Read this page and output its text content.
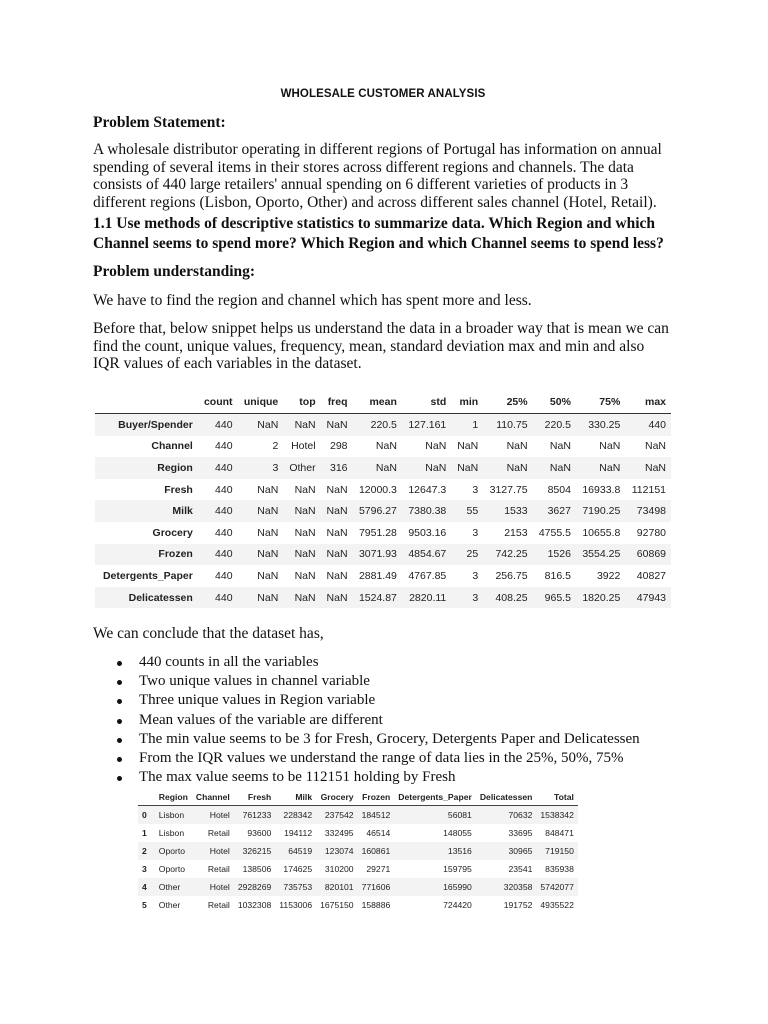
WHOLESALE CUSTOMER ANALYSIS
Problem Statement:
A wholesale distributor operating in different regions of Portugal has information on annual spending of several items in their stores across different regions and channels. The data consists of 440 large retailers' annual spending on 6 different varieties of products in 3 different regions (Lisbon, Oporto, Other) and across different sales channel (Hotel, Retail).
1.1 Use methods of descriptive statistics to summarize data. Which Region and which Channel seems to spend more? Which Region and which Channel seems to spend less?
Problem understanding:
We have to find the region and channel which has spent more and less.
Before that, below snippet helps us understand the data in a broader way that is mean we can find the count, unique values, frequency, mean, standard deviation max and min and also IQR values of each variables in the dataset.
	count	unique	top	freq	mean	std	min	25%	50%	75%	max
Buyer/Spender	440	NaN	NaN	NaN	220.5	127.161	1	110.75	220.5	330.25	440
Channel	440	2	Hotel	298	NaN	NaN	NaN	NaN	NaN	NaN	NaN
Region	440	3	Other	316	NaN	NaN	NaN	NaN	NaN	NaN	NaN
Fresh	440	NaN	NaN	NaN	12000.3	12647.3	3	3127.75	8504	16933.8	112151
Milk	440	NaN	NaN	NaN	5796.27	7380.38	55	1533	3627	7190.25	73498
Grocery	440	NaN	NaN	NaN	7951.28	9503.16	3	2153	4755.5	10655.8	92780
Frozen	440	NaN	NaN	NaN	3071.93	4854.67	25	742.25	1526	3554.25	60869
Detergents_Paper	440	NaN	NaN	NaN	2881.49	4767.85	3	256.75	816.5	3922	40827
Delicatessen	440	NaN	NaN	NaN	1524.87	2820.11	3	408.25	965.5	1820.25	47943
We can conclude that the dataset has,
440 counts in all the variables
Two unique values in channel variable
Three unique values in Region variable
Mean values of the variable are different
The min value seems to be 3 for Fresh, Grocery, Detergents Paper and Delicatessen
From the IQR values we understand the range of data lies in the 25%, 50%, 75%
The max value seems to be 112151 holding by Fresh
	Region	Channel	Fresh	Milk	Grocery	Frozen	Detergents_Paper	Delicatessen	Total
0	Lisbon	Hotel	761233	228342	237542	184512	56081	70632	1538342
1	Lisbon	Retail	93600	194112	332495	46514	148055	33695	848471
2	Oporto	Hotel	326215	64519	123074	160861	13516	30965	719150
3	Oporto	Retail	138506	174625	310200	29271	159795	23541	835938
4	Other	Hotel	2928269	735753	820101	771606	165990	320358	5742077
5	Other	Retail	1032308	1153006	1675150	158886	724420	191752	4935522
